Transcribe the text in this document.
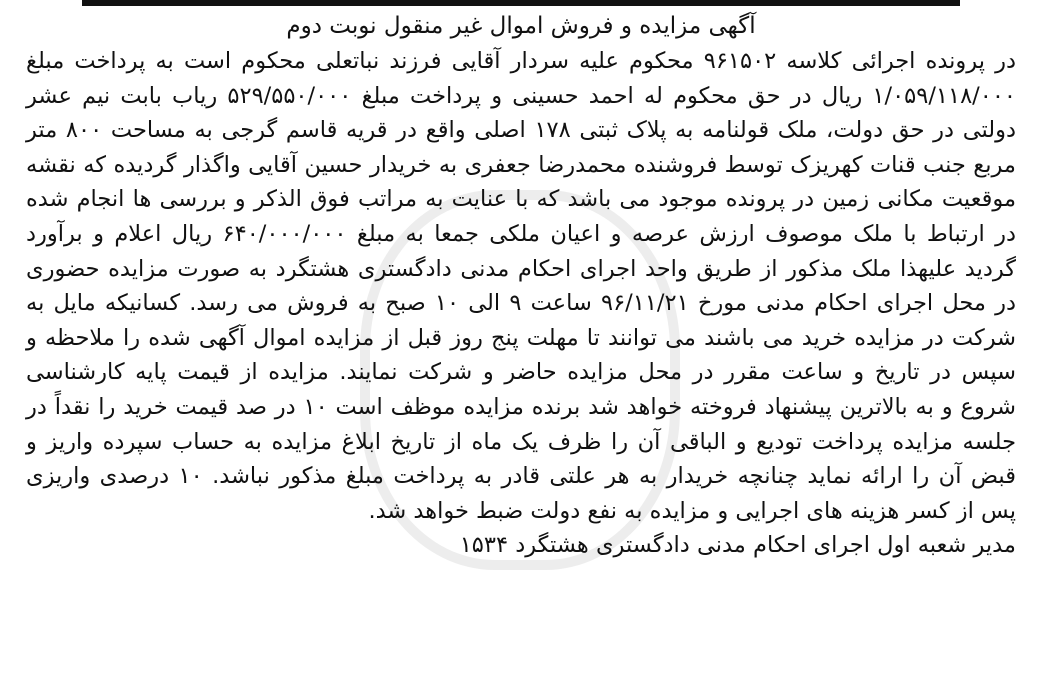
آگهی مزایده و فروش اموال غیر منقول نوبت دوم

در پرونده اجرائی کلاسه ۹۶۱۵۰۲ محکوم علیه سردار آقایی فرزند نباتعلی محکوم است به پرداخت مبلغ ۱/۰۵۹/۱۱۸/۰۰۰ ریال در حق محکوم له احمد حسینی و پرداخت مبلغ ۵۲۹/۵۵۰/۰۰۰ ریاب بابت نیم عشر دولتی در حق دولت، ملک قولنامه به پلاک ثبتی ۱۷۸ اصلی واقع در قریه قاسم گرجی به مساحت ۸۰۰ متر مربع جنب قنات کهریزک توسط فروشنده محمدرضا جعفری به خریدار حسین آقایی واگذار گردیده که نقشه موقعیت مکانی زمین در پرونده موجود می باشد که با عنایت به مراتب فوق الذکر و بررسی ها انجام شده در ارتباط با ملک موصوف ارزش عرصه و اعیان ملکی جمعا به مبلغ ۶۴۰/۰۰۰/۰۰۰ ریال اعلام و برآورد گردید علیهذا ملک مذکور از طریق واحد اجرای احکام مدنی دادگستری هشتگرد به صورت مزایده حضوری در محل اجرای احکام مدنی مورخ ۹۶/۱۱/۲۱ ساعت ۹ الی ۱۰ صبح به فروش می رسد. کسانیکه مایل به شرکت در مزایده خرید می باشند می توانند تا مهلت پنج روز قبل از مزایده اموال آگهی شده را ملاحظه و سپس در تاریخ و ساعت مقرر در محل مزایده حاضر و شرکت نمایند. مزایده از قیمت پایه کارشناسی شروع و به بالاترین پیشنهاد فروخته خواهد شد برنده مزایده موظف است ۱۰ در صد قیمت خرید را نقداً در جلسه مزایده پرداخت تودیع و الباقی آن را ظرف یک ماه از تاریخ ابلاغ مزایده به حساب سپرده واریز و قبض آن را ارائه نماید چنانچه خریدار به هر علتی قادر به پرداخت مبلغ مذکور نباشد. ۱۰ درصدی واریزی پس از کسر هزینه های اجرایی و مزایده به نفع دولت ضبط خواهد شد.

مدیر شعبه اول اجرای احکام مدنی دادگستری هشتگرد ۱۵۳۴
